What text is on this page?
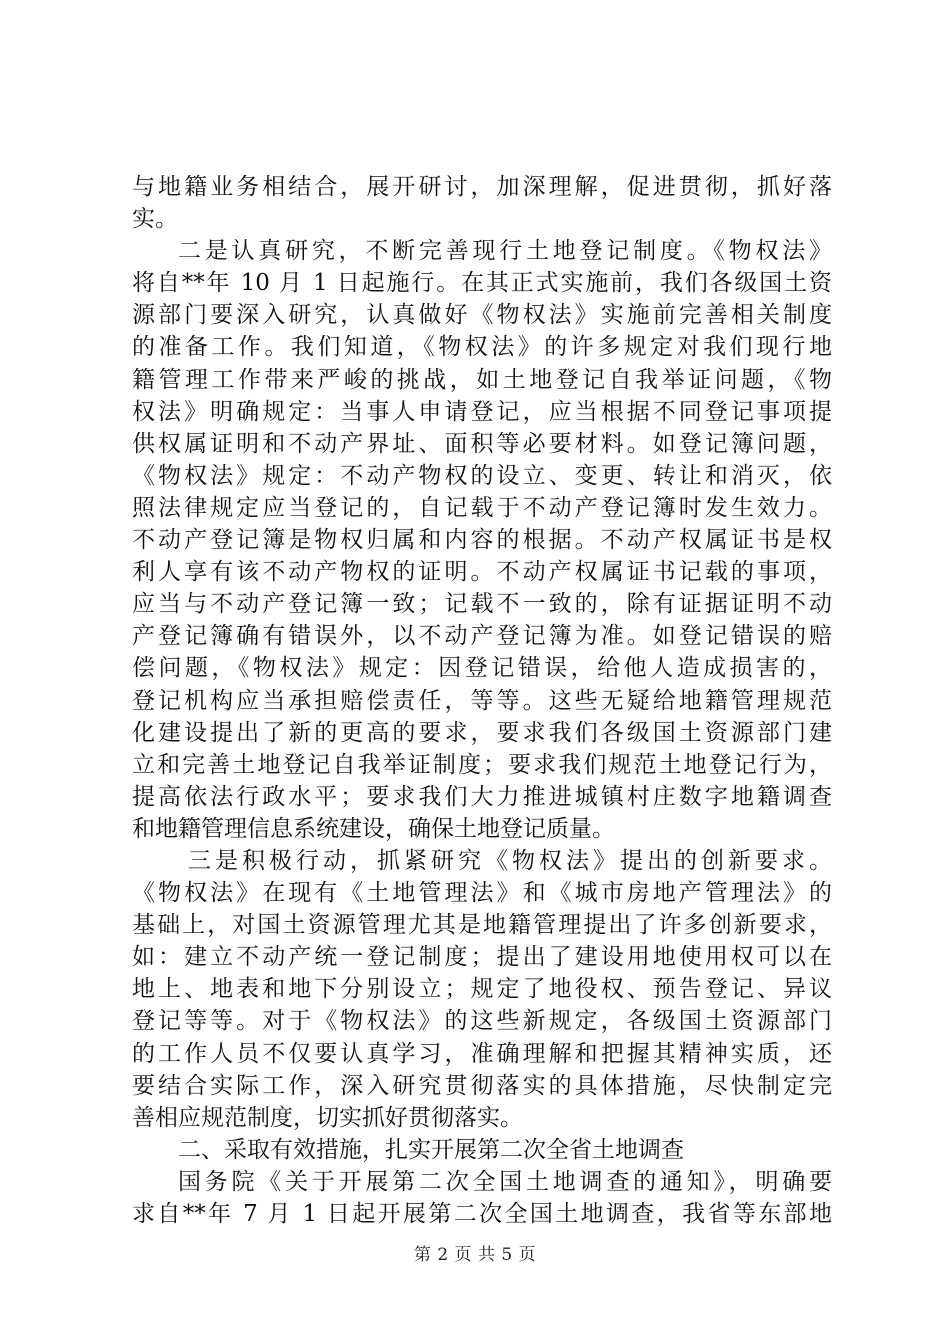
与地籍业务相结合，展开研讨，加深理解，促进贯彻，抓好落
实。
二是认真研究，不断完善现行土地登记制度。《物权法》
将自**年 10 月 1 日起施行。在其正式实施前，我们各级国土资
源部门要深入研究，认真做好《物权法》实施前完善相关制度
的准备工作。我们知道，《物权法》的许多规定对我们现行地
籍管理工作带来严峻的挑战，如土地登记自我举证问题，《物
权法》明确规定：当事人申请登记，应当根据不同登记事项提
供权属证明和不动产界址、面积等必要材料。如登记簿问题，
《物权法》规定：不动产物权的设立、变更、转让和消灭，依
照法律规定应当登记的，自记载于不动产登记簿时发生效力。
不动产登记簿是物权归属和内容的根据。不动产权属证书是权
利人享有该不动产物权的证明。不动产权属证书记载的事项，
应当与不动产登记簿一致；记载不一致的，除有证据证明不动
产登记簿确有错误外，以不动产登记簿为准。如登记错误的赔
偿问题，《物权法》规定：因登记错误，给他人造成损害的，
登记机构应当承担赔偿责任，等等。这些无疑给地籍管理规范
化建设提出了新的更高的要求，要求我们各级国土资源部门建
立和完善土地登记自我举证制度；要求我们规范土地登记行为，
提高依法行政水平；要求我们大力推进城镇村庄数字地籍调查
和地籍管理信息系统建设，确保土地登记质量。
三是积极行动，抓紧研究《物权法》提出的创新要求。
《物权法》在现有《土地管理法》和《城市房地产管理法》的
基础上，对国土资源管理尤其是地籍管理提出了许多创新要求，
如：建立不动产统一登记制度；提出了建设用地使用权可以在
地上、地表和地下分别设立；规定了地役权、预告登记、异议
登记等等。对于《物权法》的这些新规定，各级国土资源部门
的工作人员不仅要认真学习，准确理解和把握其精神实质，还
要结合实际工作，深入研究贯彻落实的具体措施，尽快制定完
善相应规范制度，切实抓好贯彻落实。
二、采取有效措施，扎实开展第二次全省土地调查
国务院《关于开展第二次全国土地调查的通知》，明确要
求自**年 7 月 1 日起开展第二次全国土地调查，我省等东部地
第 2 页 共 5 页
